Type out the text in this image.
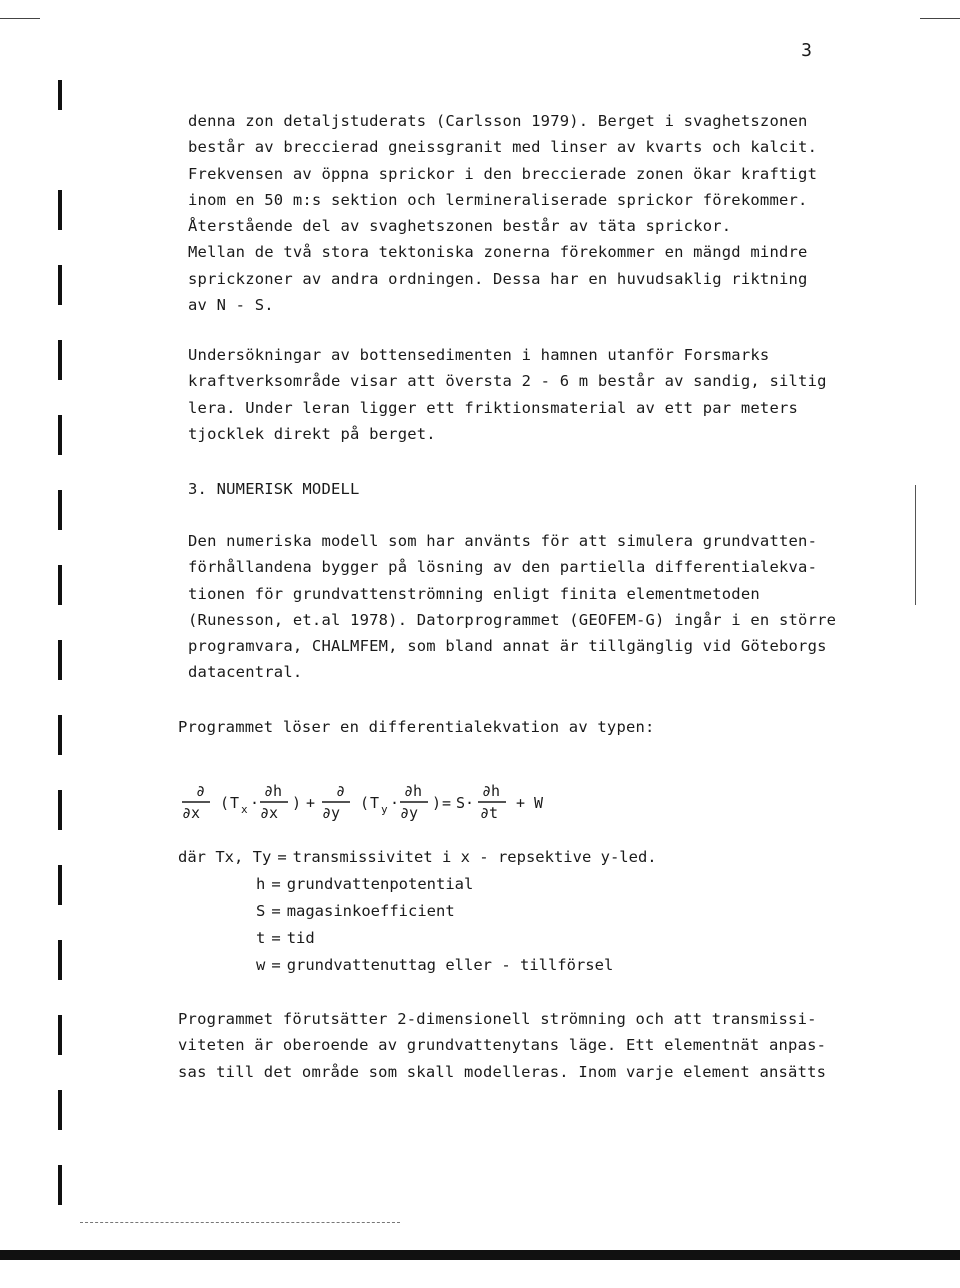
3
denna zon detaljstuderats (Carlsson 1979). Berget i svaghetszonen
består av breccierad gneissgranit med linser av kvarts och kalcit.
Frekvensen av öppna sprickor i den breccierade zonen ökar kraftigt
inom en 50 m:s sektion och lermineraliserade sprickor förekommer.
Återstående del av svaghetszonen består av täta sprickor.
Mellan de två stora tektoniska zonerna förekommer en mängd mindre
sprickzoner av andra ordningen. Dessa har en huvudsaklig riktning
av N - S.
Undersökningar av bottensedimenten i hamnen utanför Forsmarks
kraftverksområde visar att översta 2 - 6 m består av sandig, siltig
lera. Under leran ligger ett friktionsmaterial av ett par meters
tjocklek direkt på berget.
3. NUMERISK MODELL
Den numeriska modell som har använts för att simulera grundvatten-
förhållandena bygger på lösning av den partiella differentialekva-
tionen för grundvattenströmning enligt finita elementmetoden
(Runesson, et.al 1978). Datorprogrammet (GEOFEM-G) ingår i en större
programvara, CHALMFEM, som bland annat är tillgänglig vid Göteborgs
datacentral.
Programmet löser en differentialekvation av typen:
∂
∂x
( T x ·
∂h
∂x
) +
∂
∂y
( T y ·
∂h
∂y
) = S·
∂h
∂t
+ W
där Tx, Ty = transmissivitet i x - repsektive y-led.
h = grundvattenpotential
S = magasinkoefficient
t = tid
w = grundvattenuttag eller - tillförsel
Programmet förutsätter 2-dimensionell strömning och att transmissi-
viteten är oberoende av grundvattenytans läge. Ett elementnät anpas-
sas till det område som skall modelleras. Inom varje element ansätts
